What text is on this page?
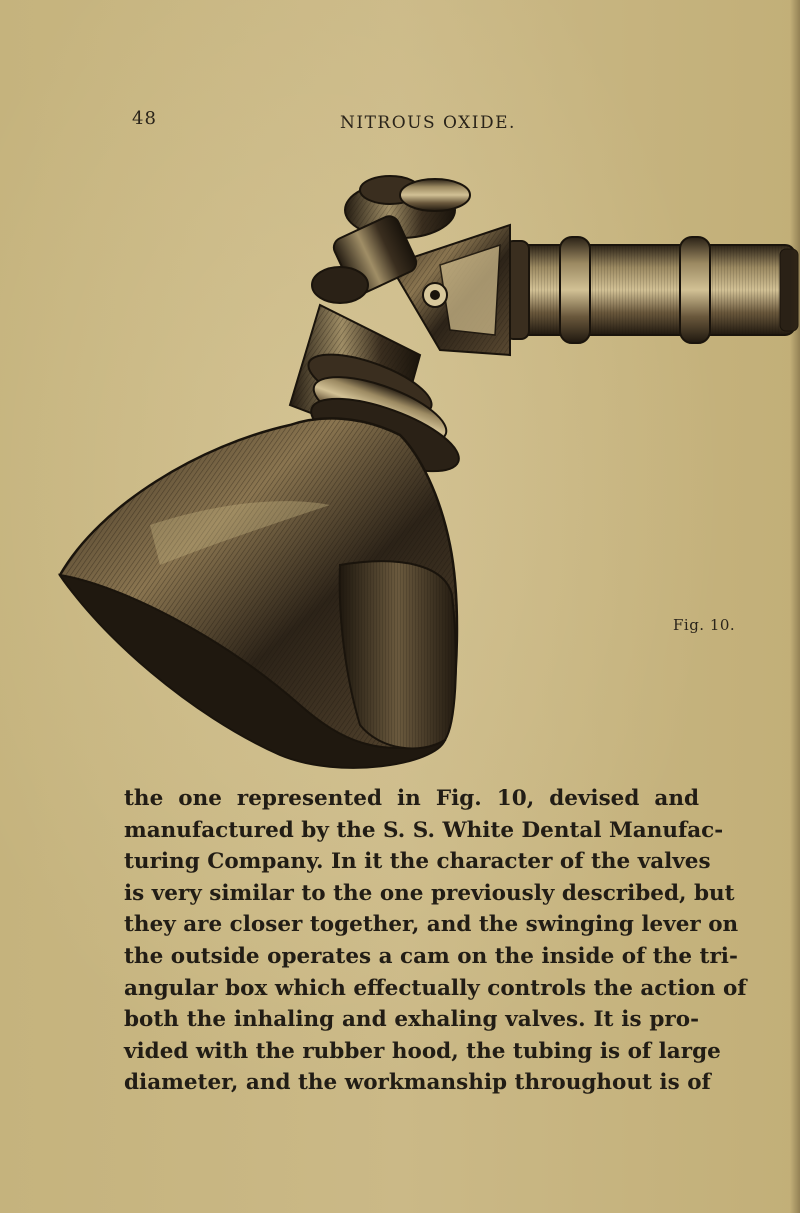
48	NITROUS OXIDE.
Fig. 10.
the one represented in Fig. 10, devised and
manufactured by the S. S. White Dental Manufac-
turing Company. In it the character of the valves
is very similar to the one previously described, but
they are closer together, and the swinging lever on
the outside operates a cam on the inside of the tri-
angular box which effectually controls the action of
both the inhaling and exhaling valves. It is pro-
vided with the rubber hood, the tubing is of large
diameter, and the workmanship throughout is of
